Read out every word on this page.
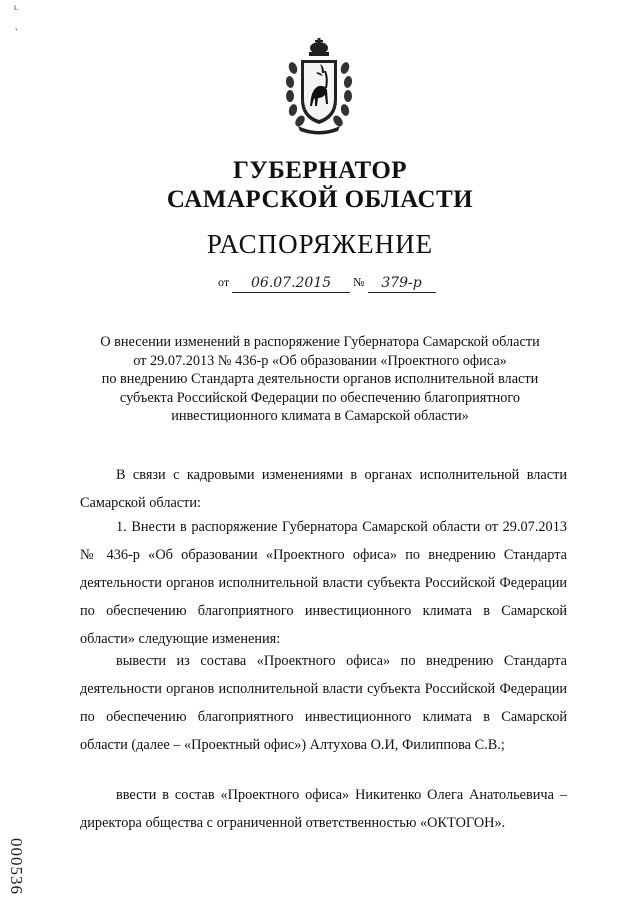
ʟ
ʻ
ГУБЕРНАТОР
САМАРСКОЙ ОБЛАСТИ
РАСПОРЯЖЕНИЕ
от 06.07.2015 № 379-р
О внесении изменений в распоряжение Губернатора Самарской области
от 29.07.2013 № 436-р «Об образовании «Проектного офиса»
по внедрению Стандарта деятельности органов исполнительной власти
субъекта Российской Федерации по обеспечению благоприятного
инвестиционного климата в Самарской области»

В связи с кадровыми изменениями в органах исполнительной власти Самарской области:

1. Внести в распоряжение Губернатора Самарской области от 29.07.2013 № 436-р «Об образовании «Проектного офиса» по внедрению Стандарта деятельности органов исполнительной власти субъекта Российской Федерации по обеспечению благоприятного инвестиционного климата в Самарской области» следующие изменения:

вывести из состава «Проектного офиса» по внедрению Стандарта деятельности органов исполнительной власти субъекта Российской Федерации по обеспечению благоприятного инвестиционного климата в Самарской области (далее – «Проектный офис») Алтухова О.И, Филиппова С.В.;

ввести в состав «Проектного офиса» Никитенко Олега Анатольевича – директора общества с ограниченной ответственностью «ОКТОГОН».

000536
